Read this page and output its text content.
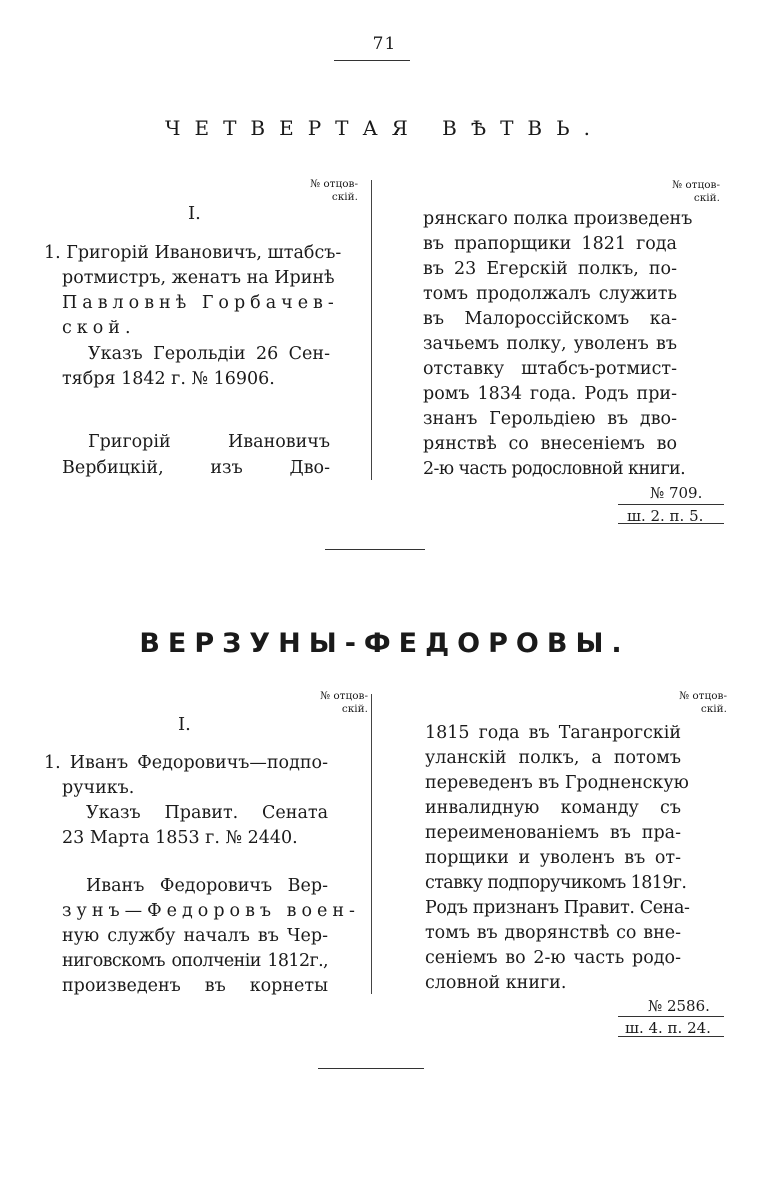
71
ЧЕТВЕРТАЯ ВѢТВЬ.
№ отцов-
скій.
№ отцов-
скій.
I.
1. Григорій Ивановичъ, штабсъ-
ротмистръ, женатъ на Иринѣ
Павловнѣ Горбачев-
ской.
Указъ Герольдіи 26 Сен-
тября 1842 г. № 16906.
Григорій Ивановичъ
Вербицкій, изъ Дво-
рянскаго полка произведенъ
въ прапорщики 1821 года
въ 23 Егерскій полкъ, по-
томъ продолжалъ служить
въ Малороссійскомъ ка-
зачьемъ полку, уволенъ въ
отставку штабсъ-ротмист-
ромъ 1834 года. Родъ при-
знанъ Герольдіею въ дво-
рянствѣ со внесеніемъ во
2-ю часть родословной книги.
№ 709.
ш. 2. п. 5.
ВЕРЗУНЫ-ФЕДОРОВЫ.
№ отцов-
скій.
№ отцов-
скій.
I.
1. Иванъ Федоровичъ—подпо-
ручикъ.
Указъ Правит. Сената
23 Марта 1853 г. № 2440.
Иванъ Федоровичъ Вер-
зунъ—Федоровъ воен-
ную службу началъ въ Чер-
ниговскомъ ополченіи 1812г.,
произведенъ въ корнеты
1815 года въ Таганрогскій
уланскій полкъ, а потомъ
переведенъ въ Гродненскую
инвалидную команду съ
переименованіемъ въ пра-
порщики и уволенъ въ от-
ставку подпоручикомъ 1819г.
Родъ признанъ Правит. Сена-
томъ въ дворянствѣ со вне-
сеніемъ во 2-ю часть родо-
словной книги.
№ 2586.
ш. 4. п. 24.
